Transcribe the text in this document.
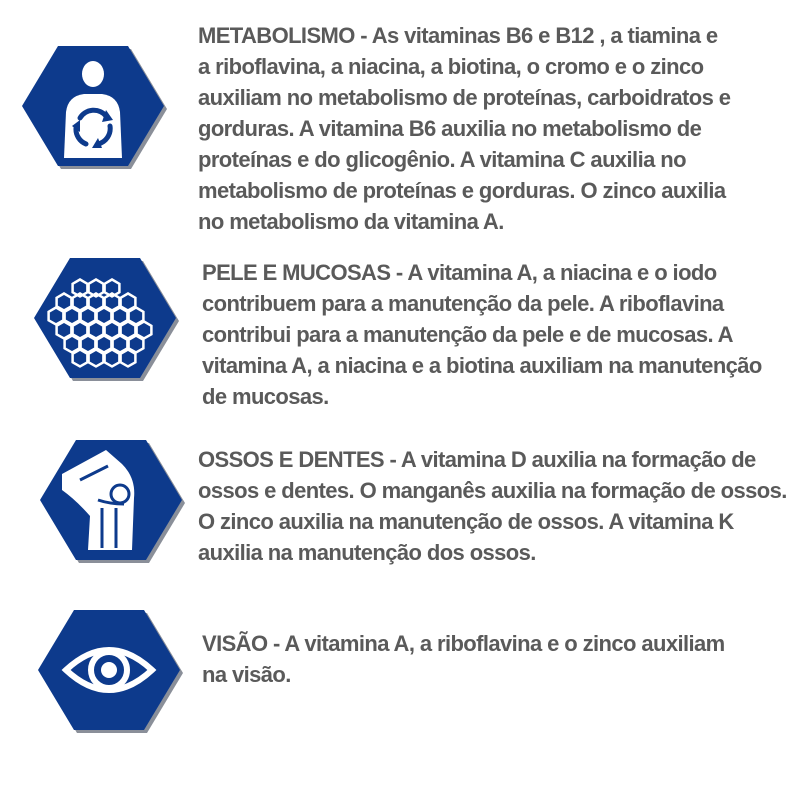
METABOLISMO - As vitaminas B6 e B12 , a tiamina e
a riboflavina, a niacina, a biotina, o cromo e o zinco
auxiliam no metabolismo de proteínas, carboidratos e
gorduras. A vitamina B6 auxilia no metabolismo de
proteínas e do glicogênio. A vitamina C auxilia no
metabolismo de proteínas e gorduras. O zinco auxilia
no metabolismo da vitamina A.
PELE E MUCOSAS - A vitamina A, a niacina e o iodo
contribuem para a manutenção da pele. A riboflavina
contribui para a manutenção da pele e de mucosas. A
vitamina A, a niacina e a biotina auxiliam na manutenção
de mucosas.
OSSOS E DENTES - A vitamina D auxilia na formação de
ossos e dentes. O manganês auxilia na formação de ossos.
O zinco auxilia na manutenção de ossos. A vitamina K
auxilia na manutenção dos ossos.
VISÃO - A vitamina A, a riboflavina e o zinco auxiliam
na visão.
